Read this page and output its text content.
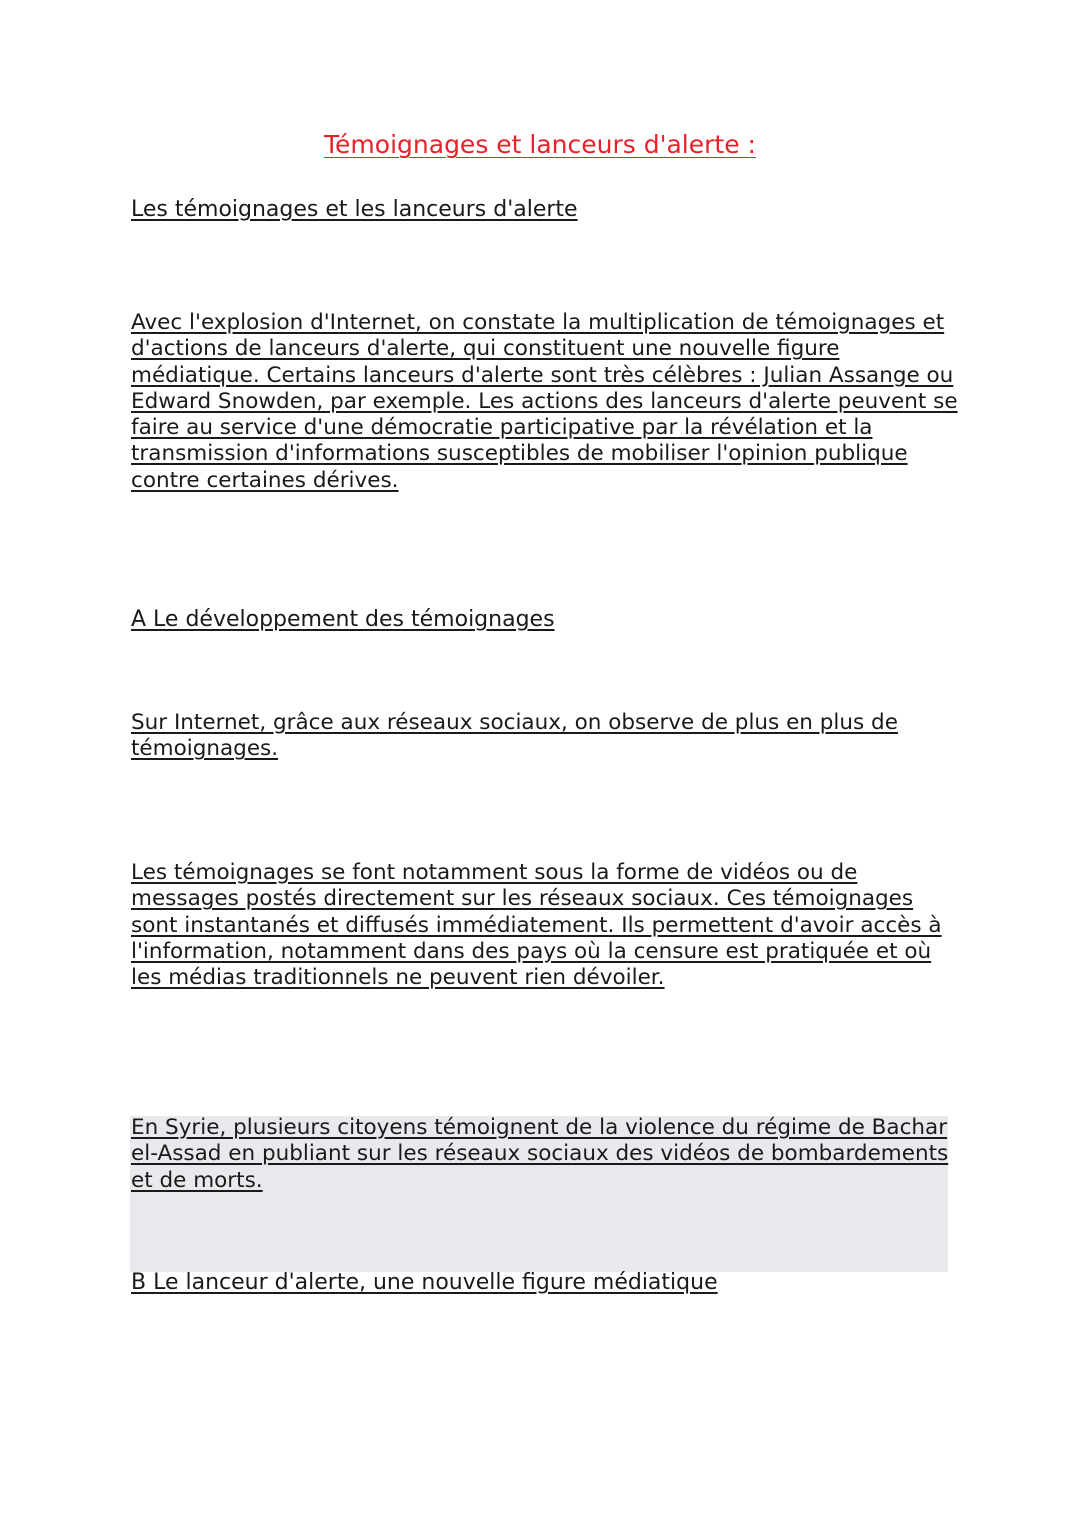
Témoignages et lanceurs d'alerte :

Les témoignages et les lanceurs d'alerte

Avec l'explosion d'Internet, on constate la multiplication de témoignages et d'actions de lanceurs d'alerte, qui constituent une nouvelle figure médiatique. Certains lanceurs d'alerte sont très célèbres : Julian Assange ou Edward Snowden, par exemple. Les actions des lanceurs d'alerte peuvent se faire au service d'une démocratie participative par la révélation et la transmission d'informations susceptibles de mobiliser l'opinion publique contre certaines dérives.

A Le développement des témoignages

Sur Internet, grâce aux réseaux sociaux, on observe de plus en plus de témoignages.

Les témoignages se font notamment sous la forme de vidéos ou de messages postés directement sur les réseaux sociaux. Ces témoignages sont instantanés et diffusés immédiatement. Ils permettent d'avoir accès à l'information, notamment dans des pays où la censure est pratiquée et où les médias traditionnels ne peuvent rien dévoiler.

En Syrie, plusieurs citoyens témoignent de la violence du régime de Bachar el-Assad en publiant sur les réseaux sociaux des vidéos de bombardements et de morts.

B Le lanceur d'alerte, une nouvelle figure médiatique
